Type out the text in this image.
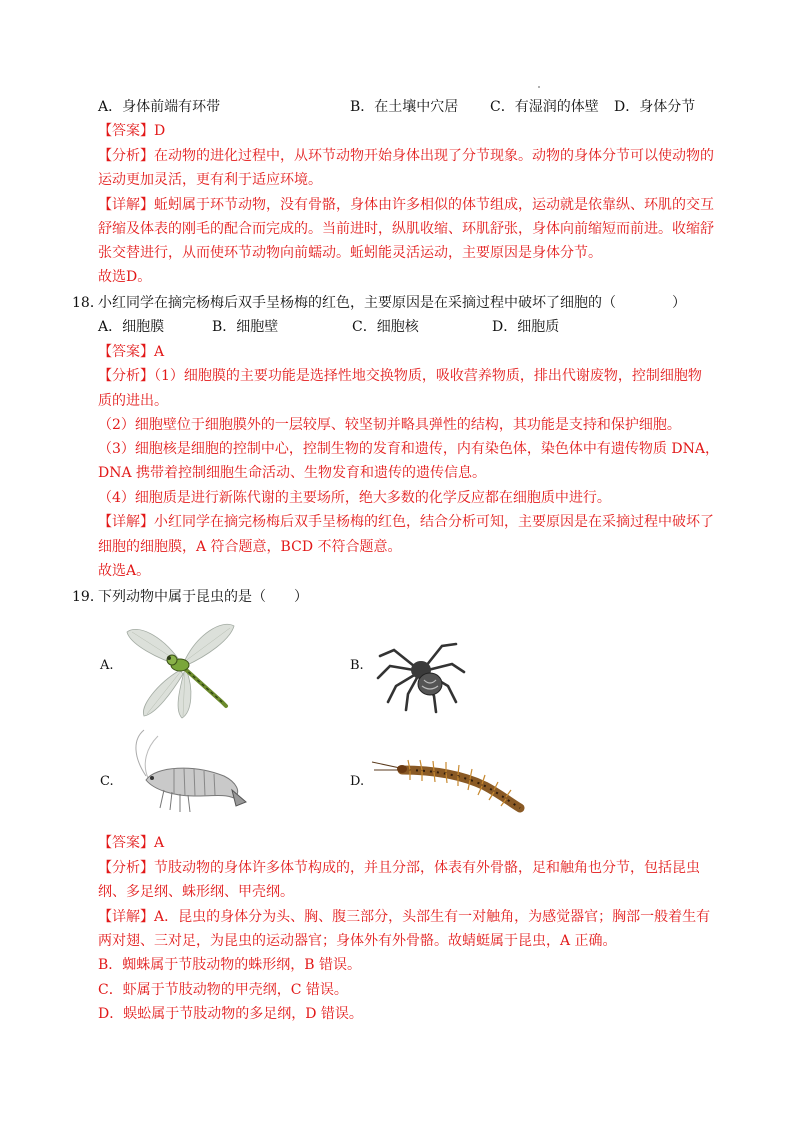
A．身体前端有环带	B．在土壤中穴居 C．有湿润的体壁 D．身体分节
【答案】D
【分析】在动物的进化过程中，从环节动物开始身体出现了分节现象。动物的身体分节可以使动物的
运动更加灵活，更有利于适应环境。
【详解】蚯蚓属于环节动物，没有骨骼，身体由许多相似的体节组成，运动就是依靠纵、环肌的交互
舒缩及体表的刚毛的配合而完成的。当前进时，纵肌收缩、环肌舒张，身体向前缩短而前进。收缩舒
张交替进行，从而使环节动物向前蠕动。蚯蚓能灵活运动，主要原因是身体分节。
故选D。
18．
小红同学在摘完杨梅后双手呈杨梅的红色，主要原因是在采摘过程中破坏了细胞的（　　　　）
A．细胞膜	B．细胞壁	C．细胞核	D．细胞质
【答案】A
【分析】（1）细胞膜的主要功能是选择性地交换物质，吸收营养物质，排出代谢废物，控制细胞物
质的进出。
（2）细胞壁位于细胞膜外的一层较厚、较坚韧并略具弹性的结构，其功能是支持和保护细胞。
（3）细胞核是细胞的控制中心，控制生物的发育和遗传，内有染色体，染色体中有遗传物质 DNA，
DNA 携带着控制细胞生命活动、生物发育和遗传的遗传信息。
（4）细胞质是进行新陈代谢的主要场所，绝大多数的化学反应都在细胞质中进行。
【详解】小红同学在摘完杨梅后双手呈杨梅的红色，结合分析可知，主要原因是在采摘过程中破坏了
细胞的细胞膜，A 符合题意，BCD 不符合题意。
故选A。
19．
下列动物中属于昆虫的是（　　）
A.	B.
C.	D.
【答案】A
【分析】节肢动物的身体许多体节构成的，并且分部，体表有外骨骼，足和触角也分节，包括昆虫
纲、多足纲、蛛形纲、甲壳纲。
【详解】A．昆虫的身体分为头、胸、腹三部分，头部生有一对触角，为感觉器官；胸部一般着生有
两对翅、三对足，为昆虫的运动器官；身体外有外骨骼。故蜻蜓属于昆虫，A 正确。
B．蜘蛛属于节肢动物的蛛形纲，B 错误。
C．虾属于节肢动物的甲壳纲，C 错误。
D．蜈蚣属于节肢动物的多足纲，D 错误。
